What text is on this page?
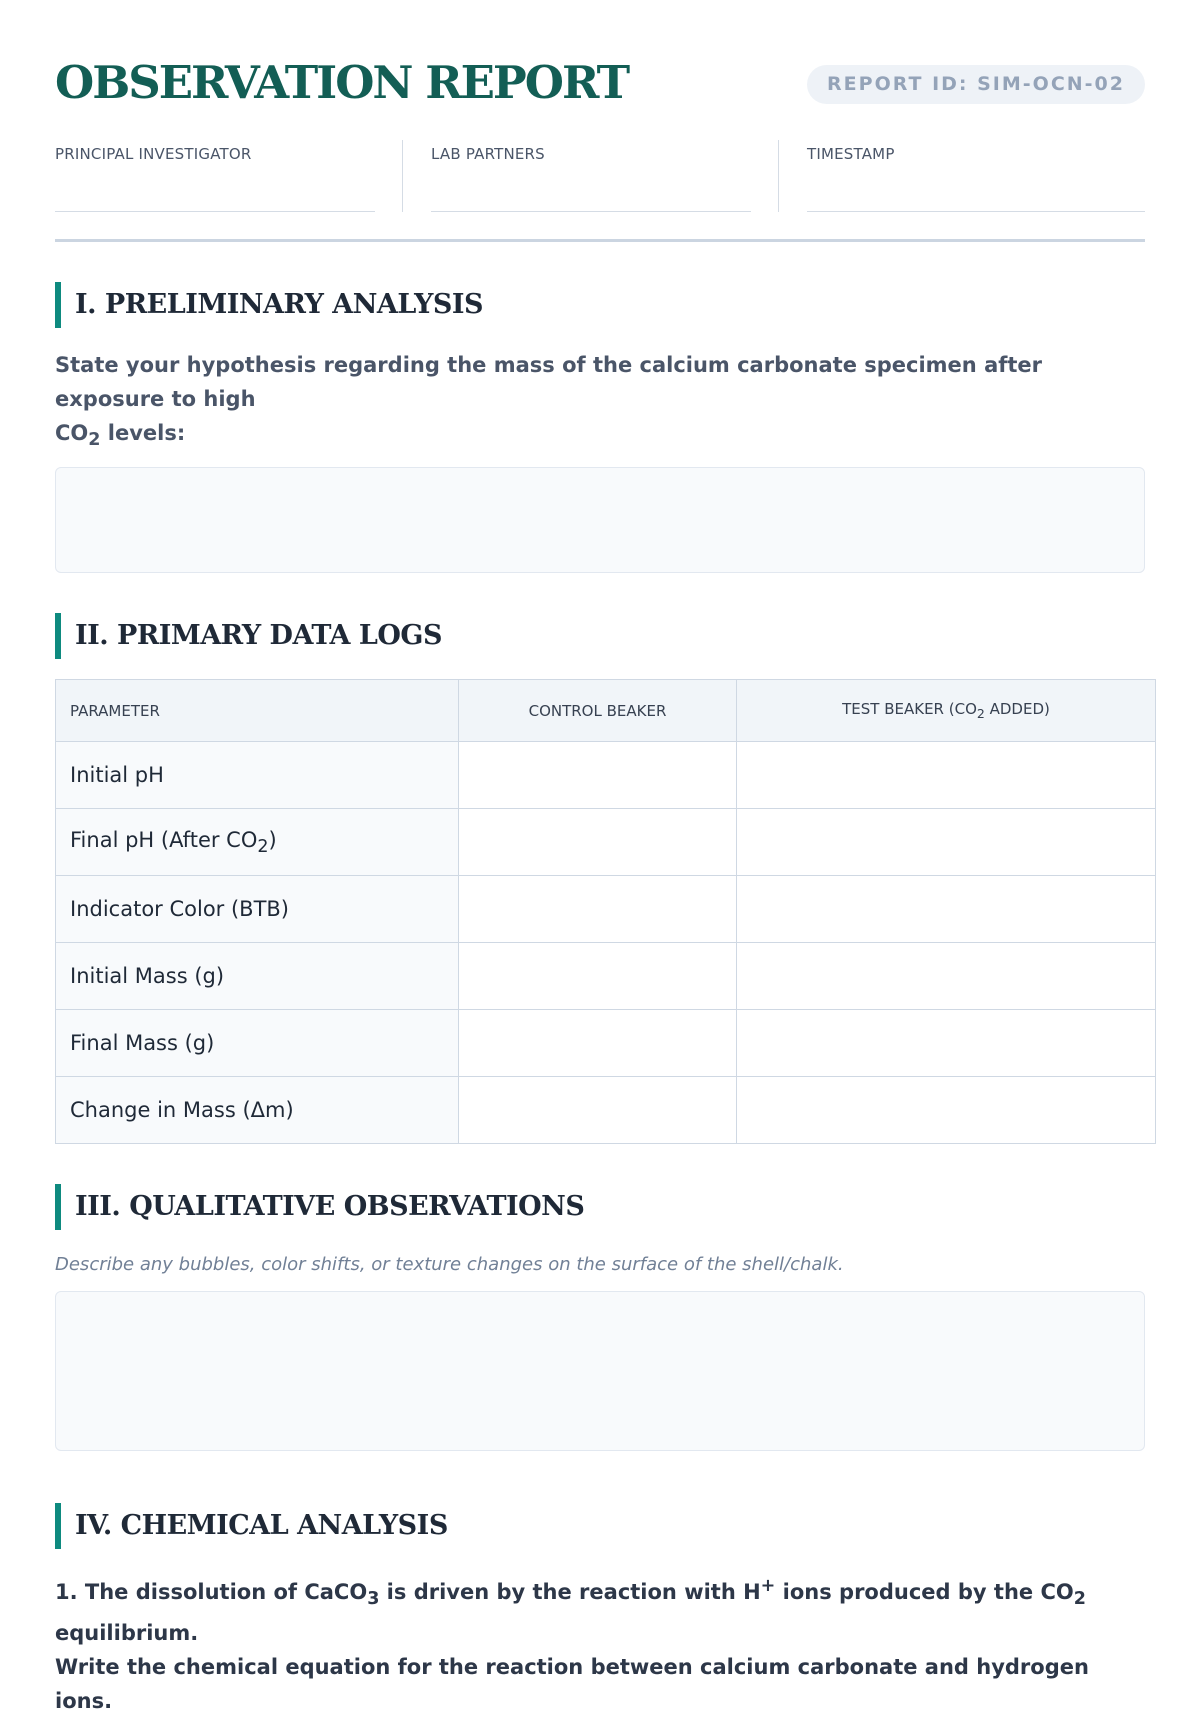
OBSERVATION REPORT	REPORT ID: SIM-OCN-02
PRINCIPAL INVESTIGATOR	LAB PARTNERS	TIMESTAMP
I. PRELIMINARY ANALYSIS
State your hypothesis regarding the mass of the calcium carbonate specimen after exposure to high
$CO_2$ levels:
II. PRIMARY DATA LOGS
PARAMETER	CONTROL BEAKER	TEST BEAKER ($CO_2$ ADDED)
Initial pH		
Final pH (After $CO_2$)		
Indicator Color (BTB)		
Initial Mass (g)		
Final Mass (g)		
Change in Mass (Δm)		
III. QUALITATIVE OBSERVATIONS
Describe any bubbles, color shifts, or texture changes on the surface of the shell/chalk.
IV. CHEMICAL ANALYSIS
1. The dissolution of CaCO$_3$ is driven by the reaction with H+ ions produced by the $CO_2$ equilibrium.
Write the chemical equation for the reaction between calcium carbonate and hydrogen ions.
